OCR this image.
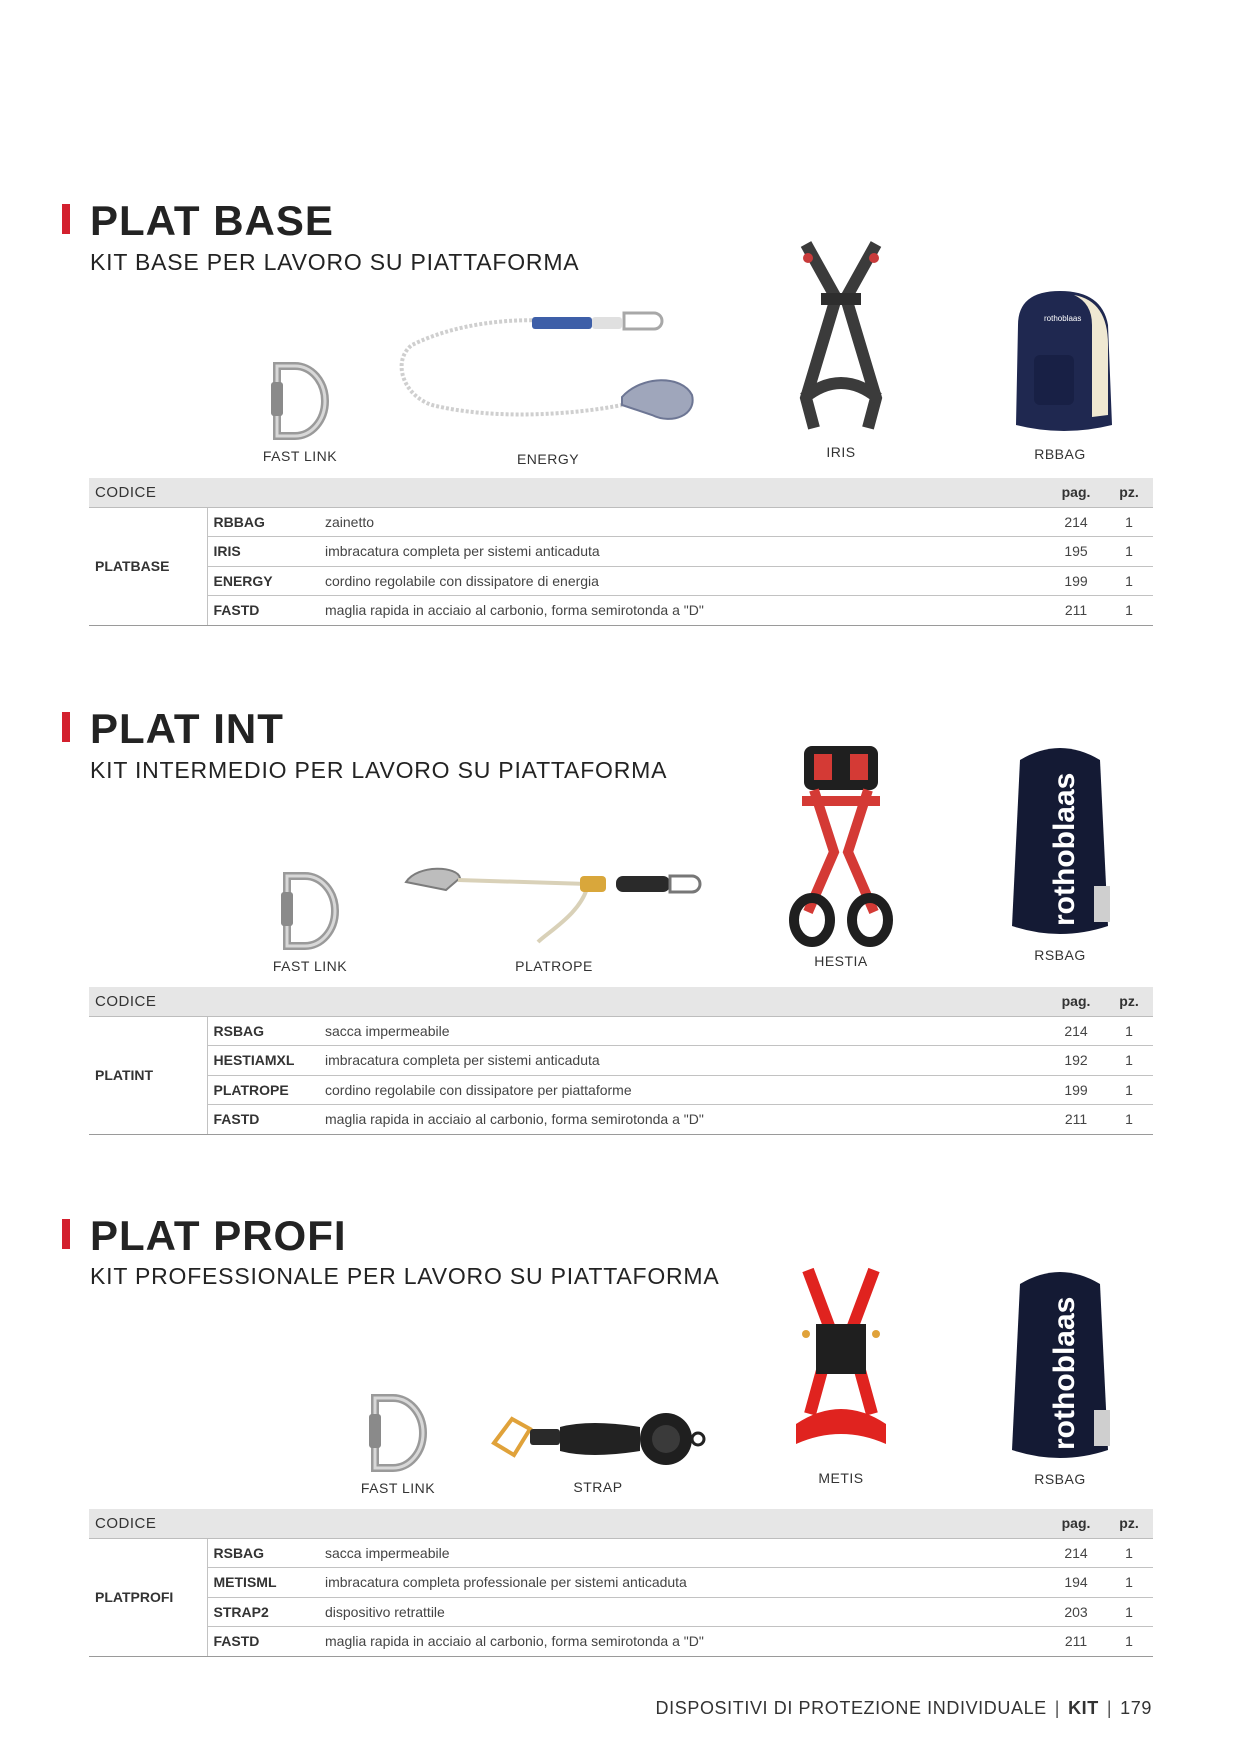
PLAT BASE
KIT BASE PER LAVORO SU PIATTAFORMA
FAST LINK	ENERGY	IRIS
rothoblaas
RBBAG
CODICE			pag.	pz.
PLATBASE	RBBAG	zainetto	214	1
	IRIS	imbracatura completa per sistemi anticaduta	195	1
	ENERGY	cordino regolabile con dissipatore di energia	199	1
	FASTD	maglia rapida in acciaio al carbonio, forma semirotonda a "D"	211	1
PLAT INT
KIT INTERMEDIO PER LAVORO SU PIATTAFORMA
FAST LINK	PLATROPE	HESTIA
rothoblaas
RSBAG
CODICE			pag.	pz.
PLATINT	RSBAG	sacca impermeabile	214	1
	HESTIAMXL	imbracatura completa per sistemi anticaduta	192	1
	PLATROPE	cordino regolabile con dissipatore per piattaforme	199	1
	FASTD	maglia rapida in acciaio al carbonio, forma semirotonda a "D"	211	1
PLAT PROFI
KIT PROFESSIONALE PER LAVORO SU PIATTAFORMA
FAST LINK	STRAP
METIS
rothoblaas
RSBAG
CODICE			pag.	pz.
PLATPROFI	RSBAG	sacca impermeabile	214	1
	METISML	imbracatura completa professionale per sistemi anticaduta	194	1
	STRAP2	dispositivo retrattile	203	1
	FASTD	maglia rapida in acciaio al carbonio, forma semirotonda a "D"	211	1
DISPOSITIVI DI PROTEZIONE INDIVIDUALE | KIT | 179
